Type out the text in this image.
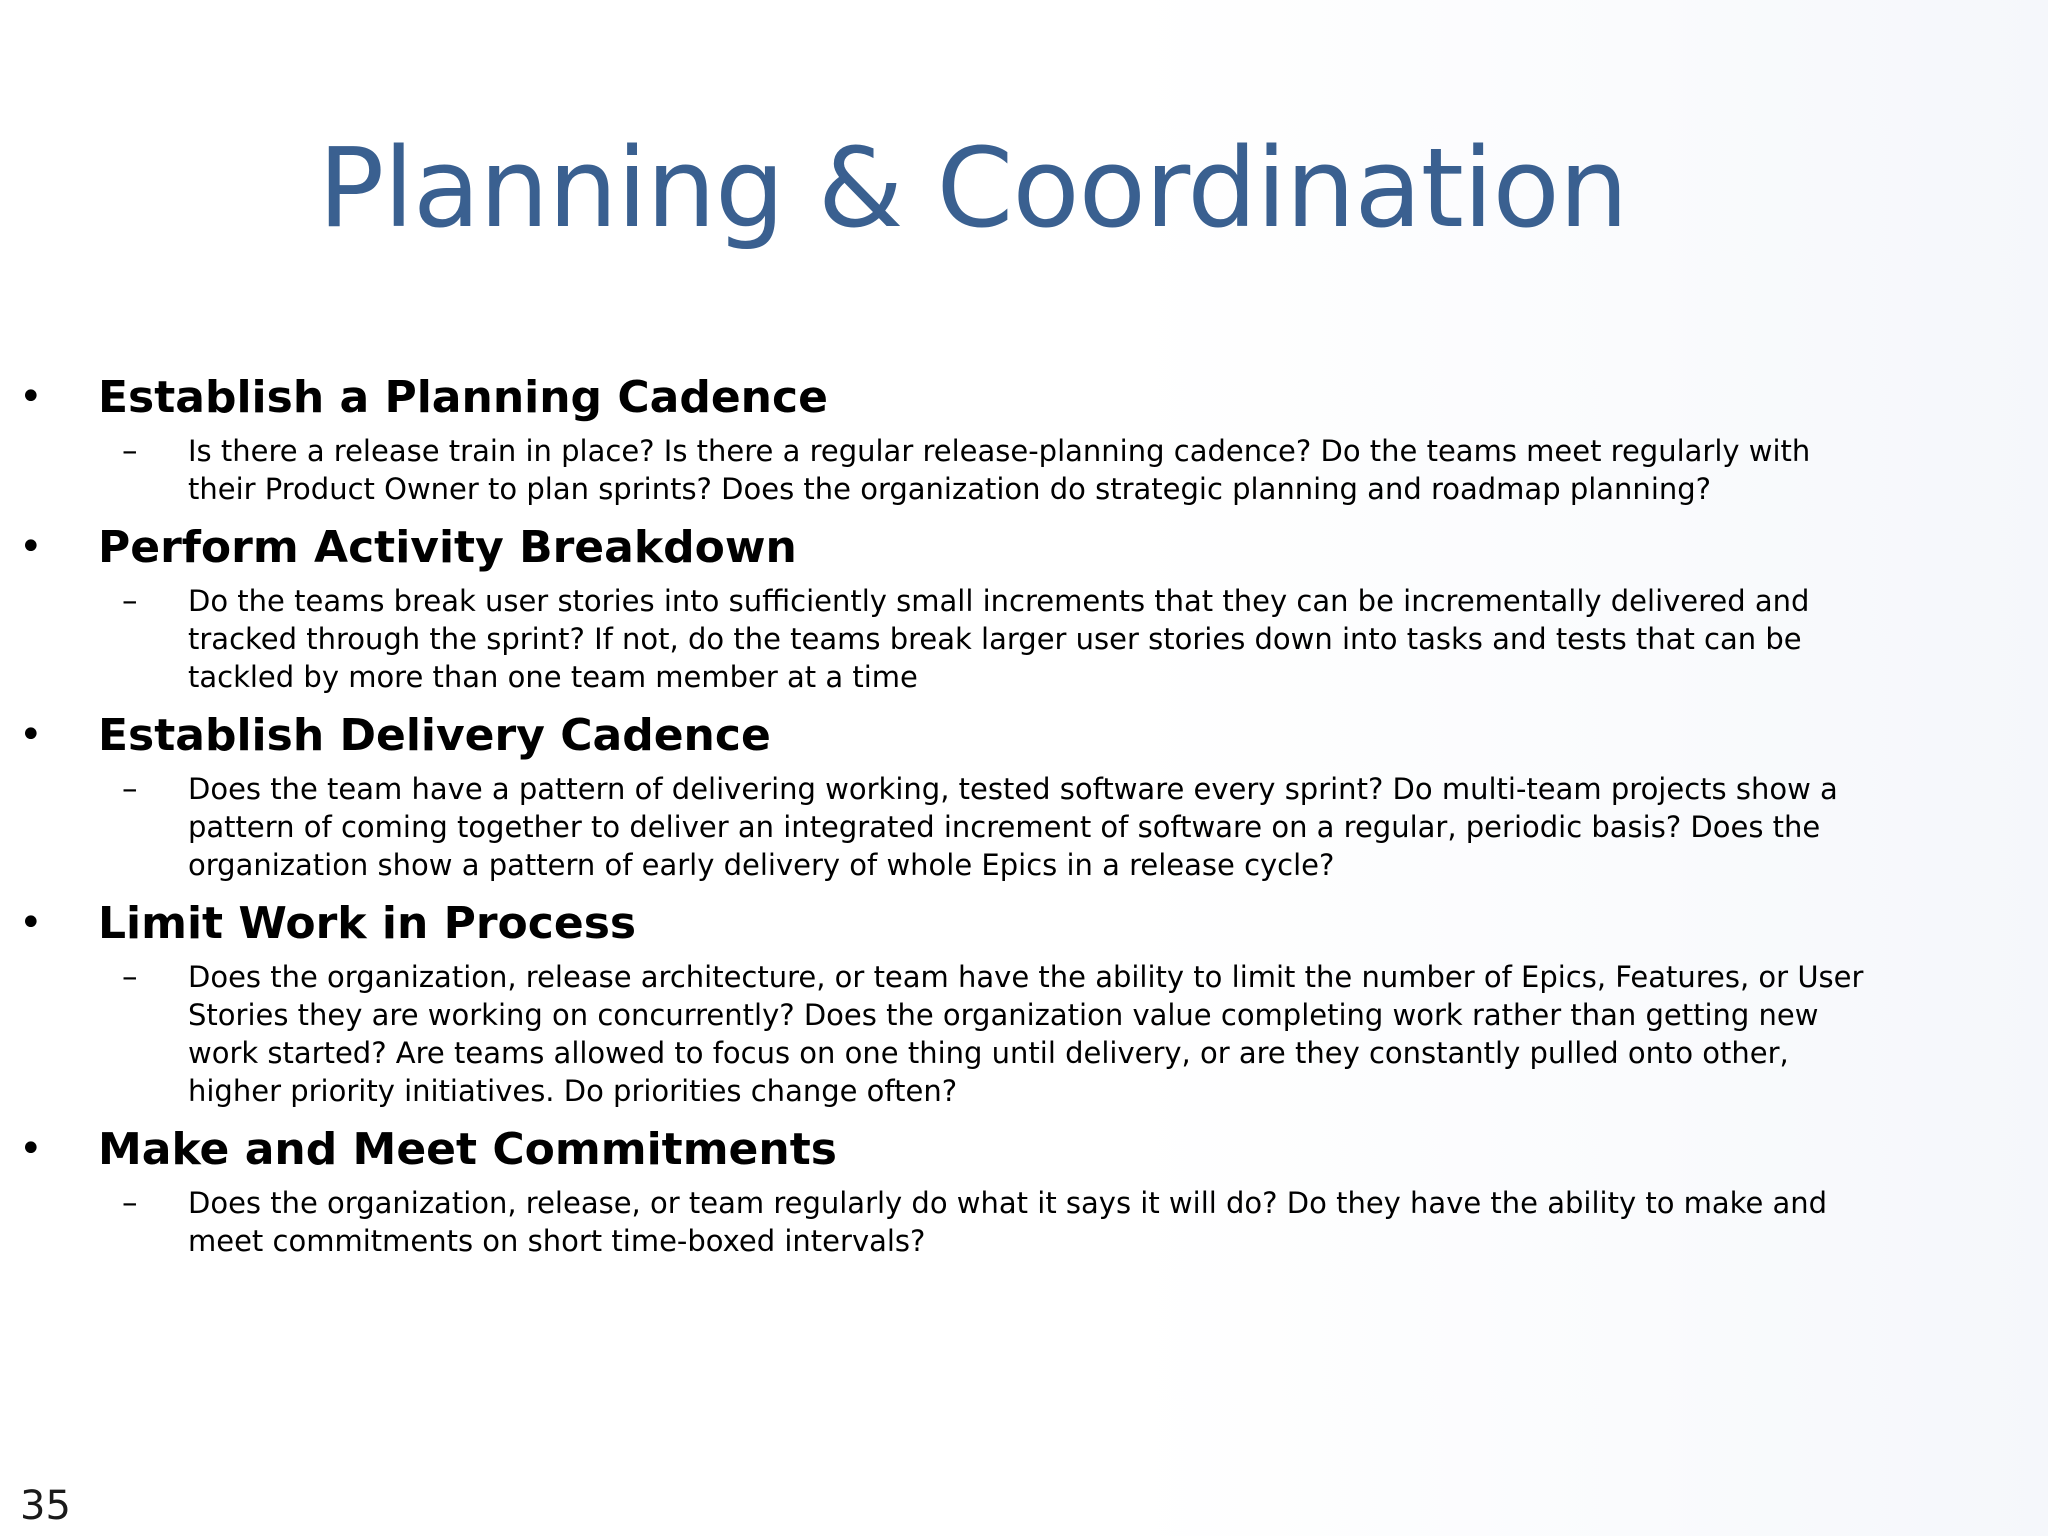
Planning & Coordination
• Establish a Planning Cadence
– Is there a release train in place? Is there a regular release-planning cadence? Do the teams meet regularly with their Product Owner to plan sprints? Does the organization do strategic planning and roadmap planning?
• Perform Activity Breakdown
– Do the teams break user stories into sufficiently small increments that they can be incrementally delivered and tracked through the sprint? If not, do the teams break larger user stories down into tasks and tests that can be tackled by more than one team member at a time
• Establish Delivery Cadence
– Does the team have a pattern of delivering working, tested software every sprint? Do multi-team projects show a pattern of coming together to deliver an integrated increment of software on a regular, periodic basis? Does the organization show a pattern of early delivery of whole Epics in a release cycle?
• Limit Work in Process
– Does the organization, release architecture, or team have the ability to limit the number of Epics, Features, or User Stories they are working on concurrently? Does the organization value completing work rather than getting new work started? Are teams allowed to focus on one thing until delivery, or are they constantly pulled onto other, higher priority initiatives. Do priorities change often?
• Make and Meet Commitments
– Does the organization, release, or team regularly do what it says it will do? Do they have the ability to make and meet commitments on short time-boxed intervals?
35
